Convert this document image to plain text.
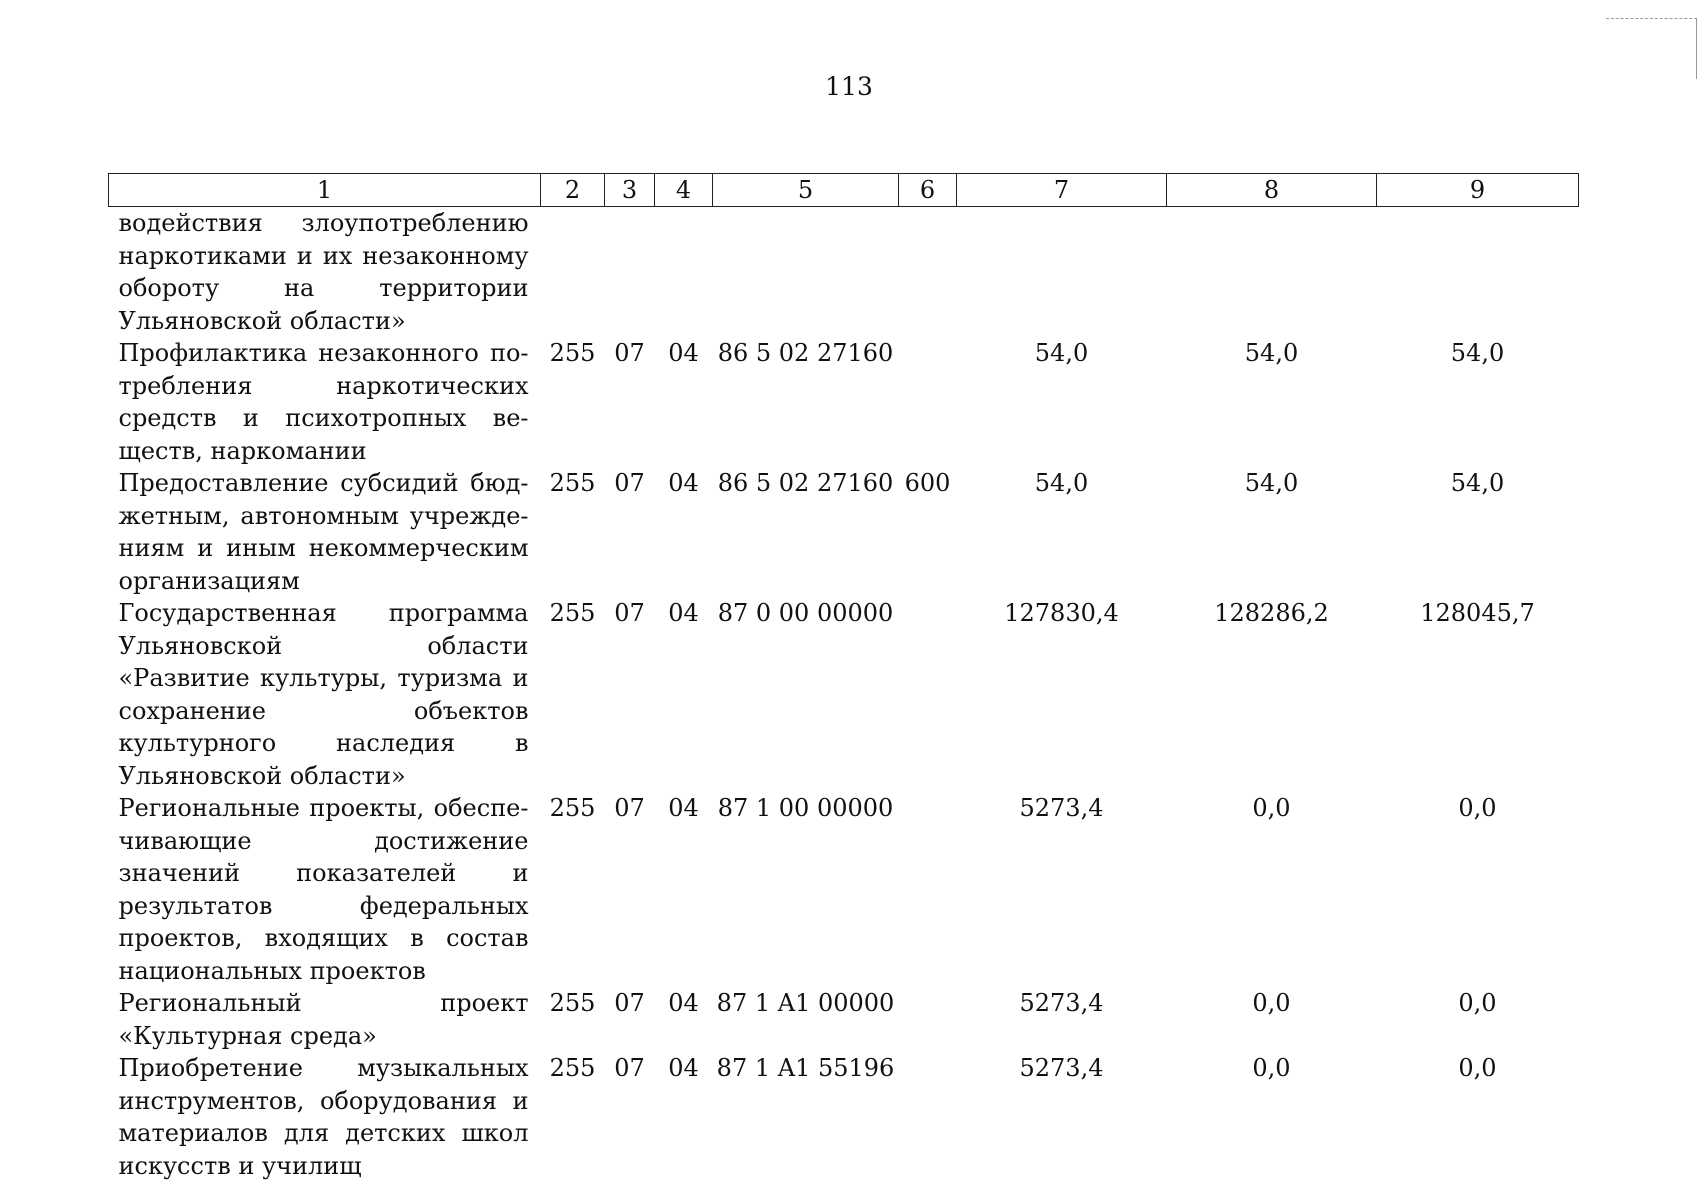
113
1	2	3	4	5	6	7	8	9
водействия злоупотреблению наркотиками и их незаконному обороту на территории Ульяновской области»								
Профилактика незаконного потребления наркотических средств и психотропных веществ, наркомании	255	07	04	86 5 02 27160		54,0	54,0	54,0
Предоставление субсидий бюджетным, автономным учреждениям и иным некоммерческим организациям	255	07	04	86 5 02 27160	600	54,0	54,0	54,0
Государственная программа Ульяновской области «Развитие культуры, туризма и сохранение объектов культурного наследия в Ульяновской области»	255	07	04	87 0 00 00000		127830,4	128286,2	128045,7
Региональные проекты, обеспечивающие достижение значений показателей и результатов федеральных проектов, входящих в состав национальных проектов	255	07	04	87 1 00 00000		5273,4	0,0	0,0
Региональный проект «Культурная среда»	255	07	04	87 1 A1 00000		5273,4	0,0	0,0
Приобретение музыкальных инструментов, оборудования и материалов для детских школ искусств и училищ	255	07	04	87 1 A1 55196		5273,4	0,0	0,0
